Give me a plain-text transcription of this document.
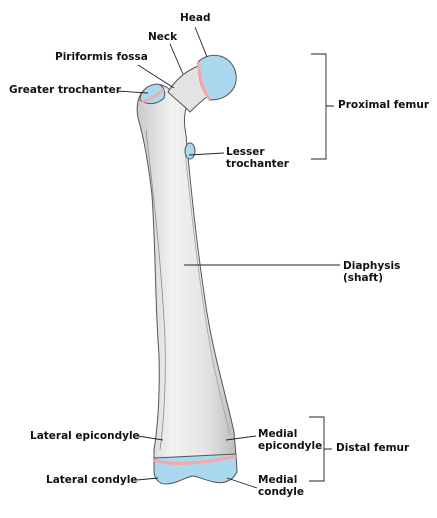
Head
Neck
Piriformis fossa
Greater trochanter
Proximal femur
Lesser
trochanter
Diaphysis
(shaft)
Lateral epicondyle	Medial
epicondyle Distal femur
Lateral condyle	Medial
condyle
